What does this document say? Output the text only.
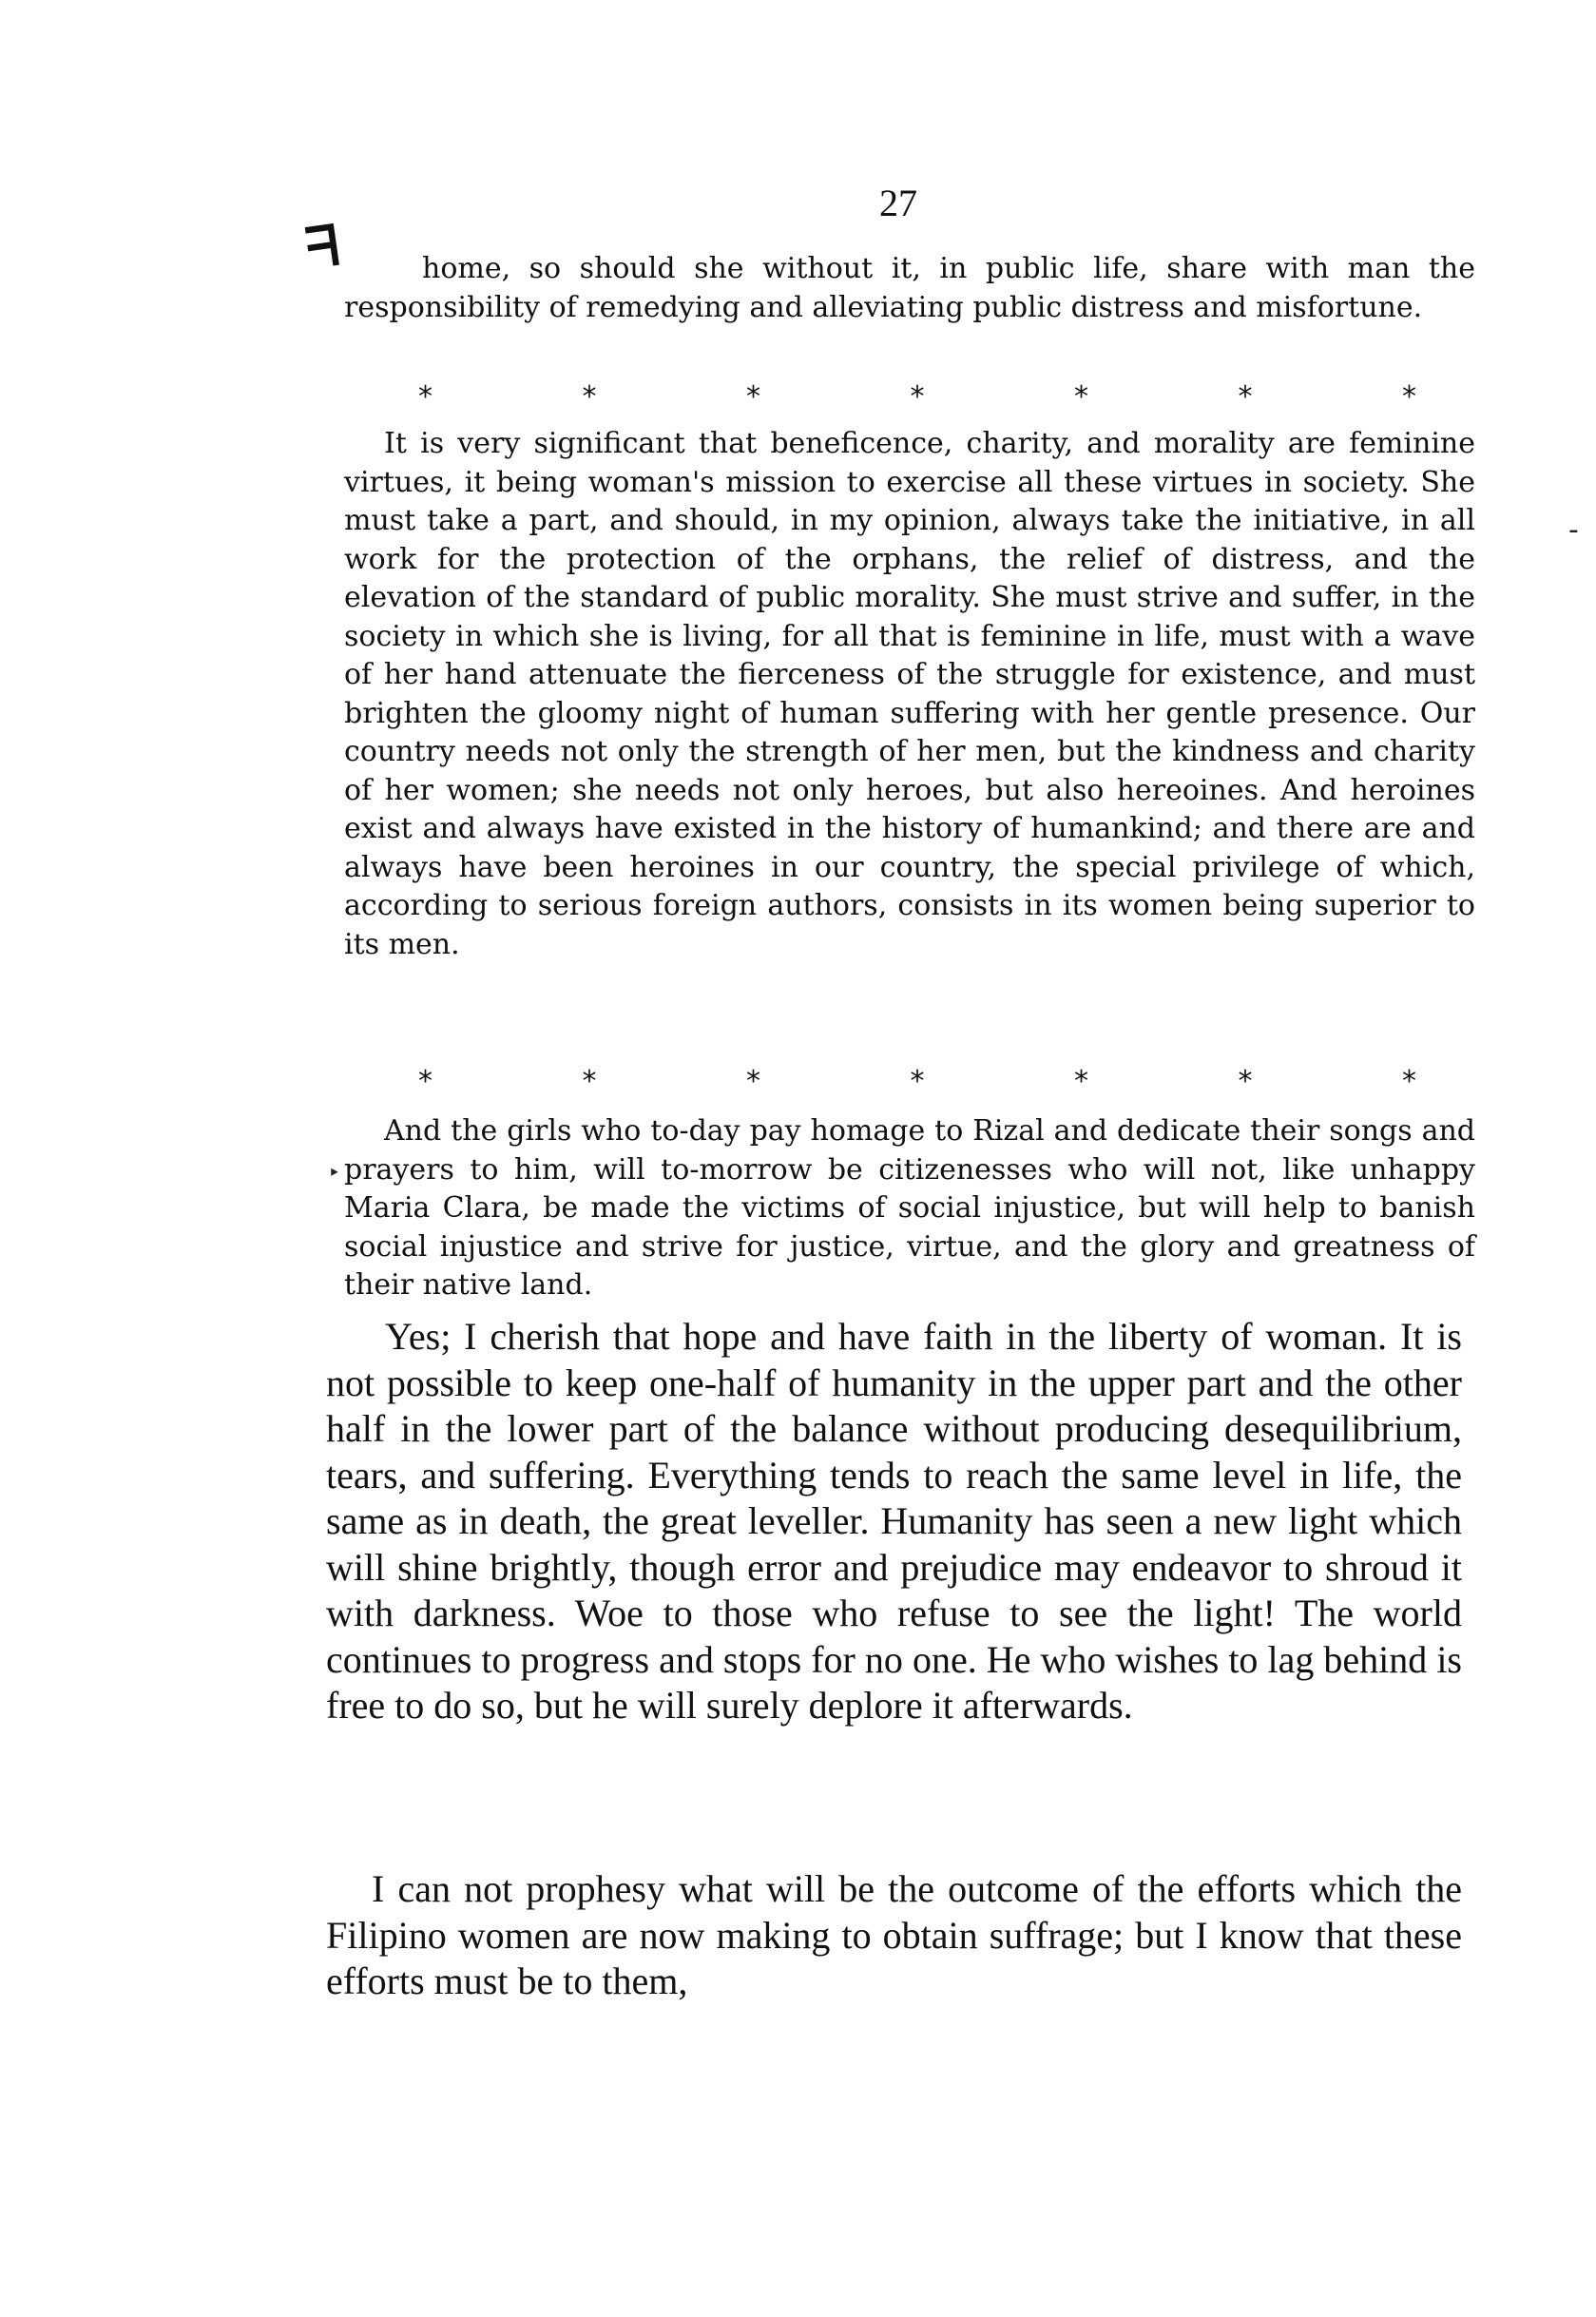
27
ᖷ	home, so should she without it, in public life, share with man the responsibility of remedying and alleviating public distress and misfortune.
*	*	*	*	*	*	*
It is very significant that beneficence, charity, and morality are feminine virtues, it being woman's mission to exercise all these virtues in society. She must take a part, and should, in my opinion, always take the initiative, in all work for the protection of the orphans, the relief of distress, and the elevation of the standard of public morality. She must strive and suffer, in the society in which she is living, for all that is feminine in life, must with a wave of her hand attenuate the fierceness of the struggle for existence, and must brighten the gloomy night of human suffering with her gentle presence. Our country needs not only the strength of her men, but the kindness and charity of her women; she needs not only heroes, but also hereoines. And heroines exist and always have existed in the history of humankind; and there are and always have been heroines in our country, the special privilege of which, according to serious foreign authors, consists in its women being superior to its men.
*	*	*	*	*	*	*
And the girls who to-day pay homage to Rizal and dedicate their songs and prayers to him, will to-morrow be citizenesses who will not, like unhappy Maria Clara, be made the victims of social injustice, but will help to banish social injustice and strive for justice, virtue, and the glory and greatness of their native land.
Yes; I cherish that hope and have faith in the liberty of woman. It is not possible to keep one-half of humanity in the upper part and the other half in the lower part of the balance without producing desequilibrium, tears, and suffering. Everything tends to reach the same level in life, the same as in death, the great leveller. Humanity has seen a new light which will shine brightly, though error and prejudice may endeavor to shroud it with darkness. Woe to those who refuse to see the light! The world continues to progress and stops for no one. He who wishes to lag behind is free to do so, but he will surely deplore it afterwards.
I can not prophesy what will be the outcome of the efforts which the Filipino women are now making to obtain suffrage; but I know that these efforts must be to them,
-
‣
